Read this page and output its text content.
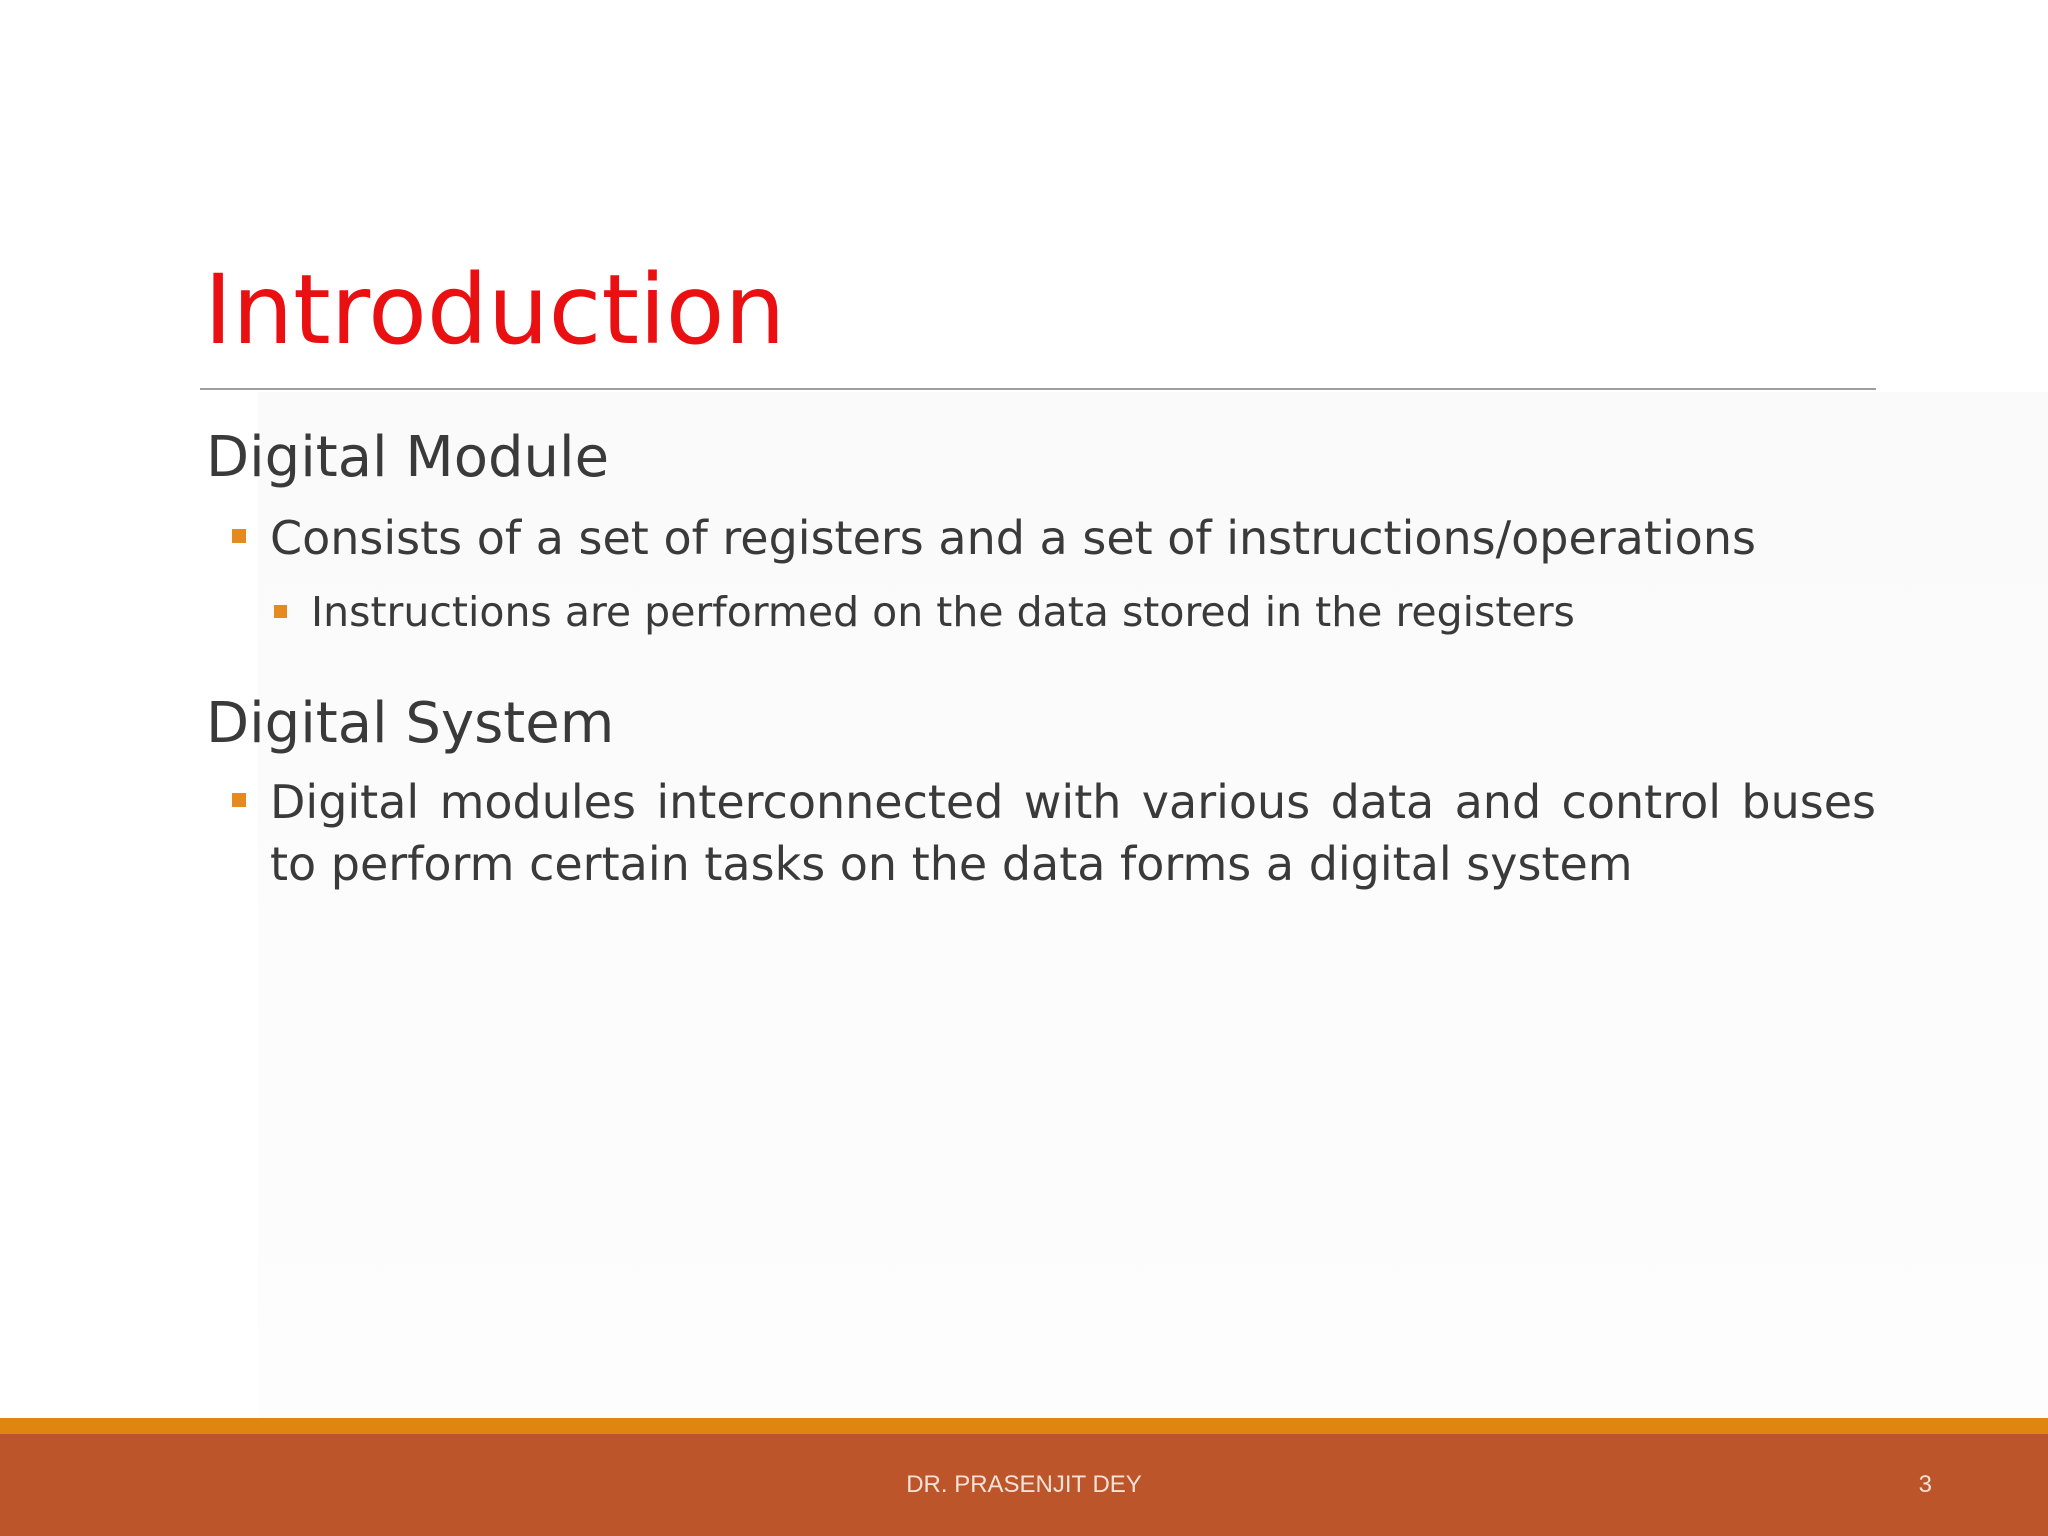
Introduction
Digital Module
Consists of a set of registers and a set of instructions/operations
Instructions are performed on the data stored in the registers
Digital System
Digital modules interconnected with various data and control buses to perform certain tasks on the data forms a digital system
DR. PRASENJIT DEY	3
